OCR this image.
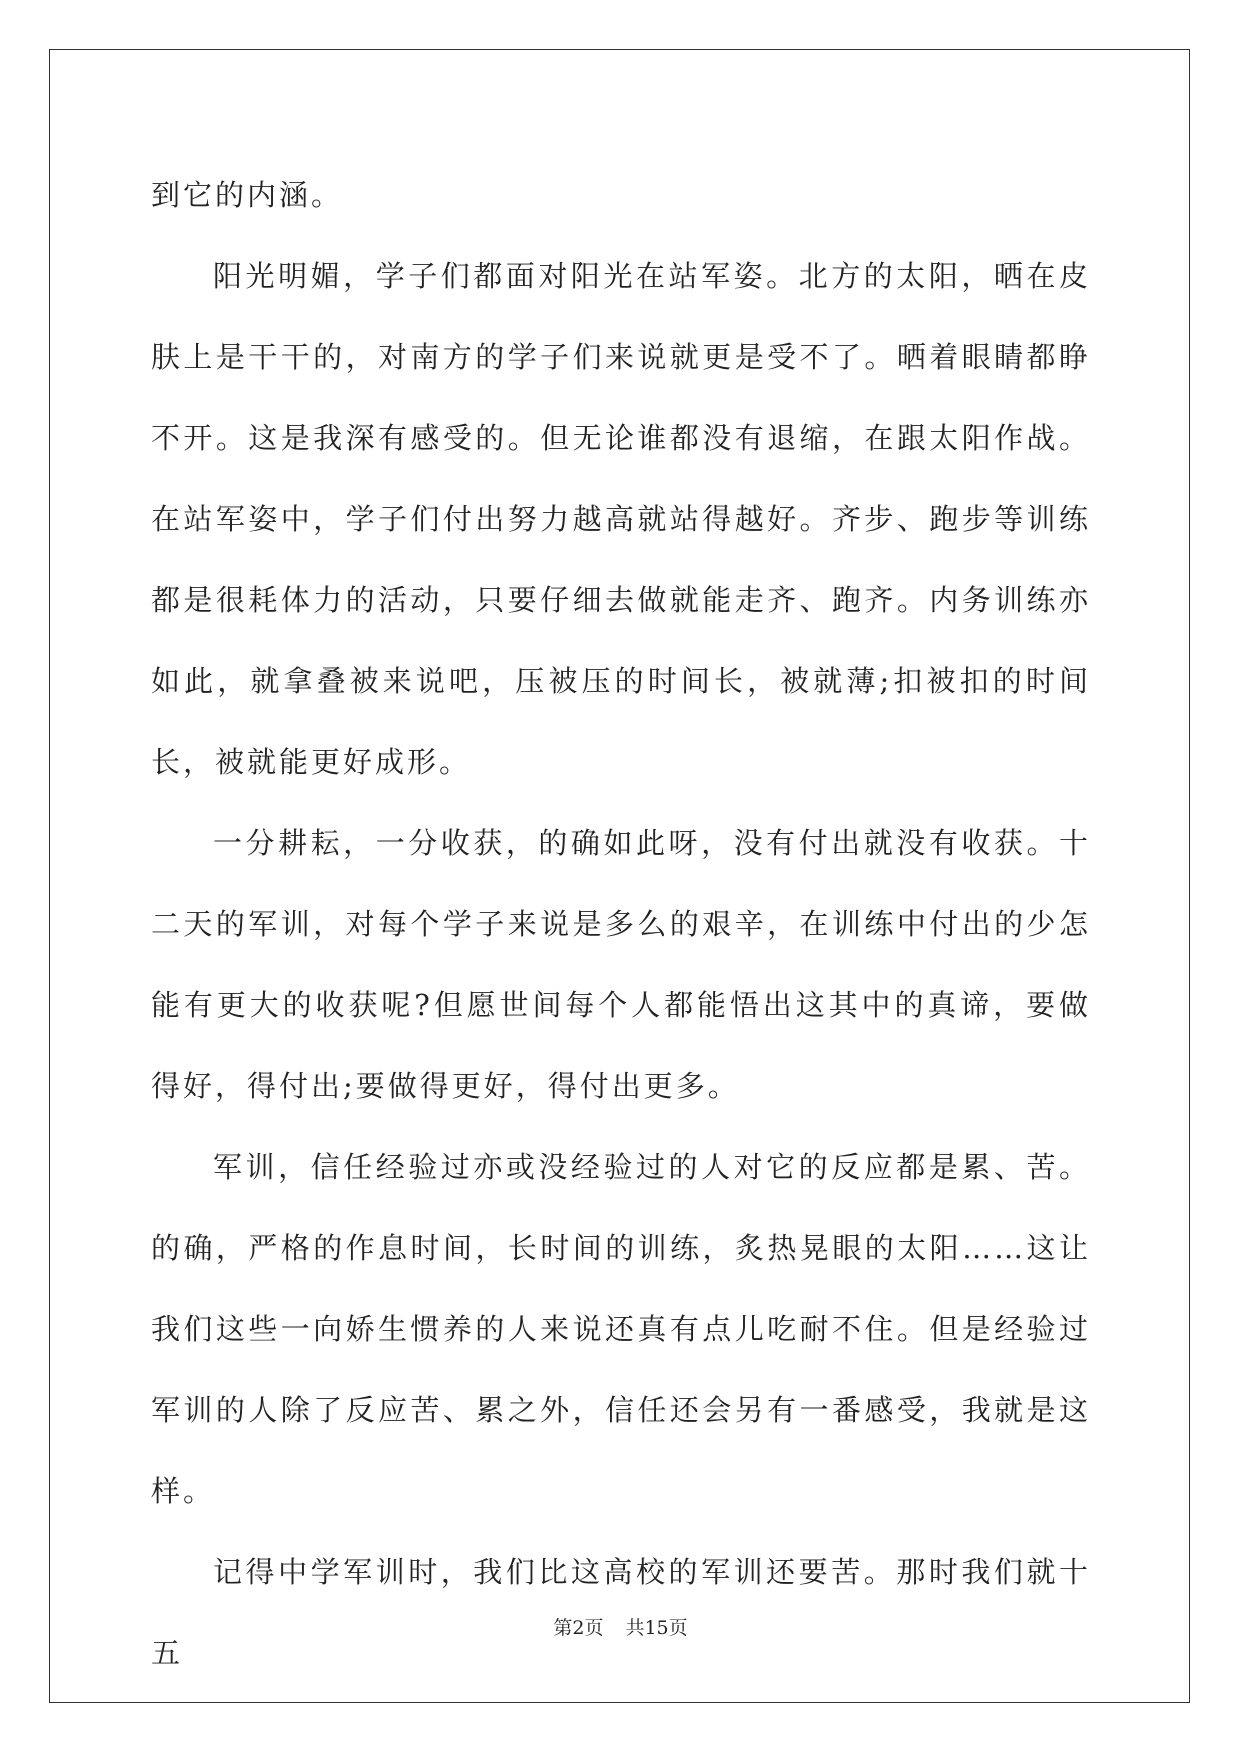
到它的内涵。

阳光明媚，学子们都面对阳光在站军姿。北方的太阳，晒在皮肤上是干干的，对南方的学子们来说就更是受不了。晒着眼睛都睁不开。这是我深有感受的。但无论谁都没有退缩，在跟太阳作战。在站军姿中，学子们付出努力越高就站得越好。齐步、跑步等训练都是很耗体力的活动，只要仔细去做就能走齐、跑齐。内务训练亦如此，就拿叠被来说吧，压被压的时间长，被就薄;扣被扣的时间长，被就能更好成形。

一分耕耘，一分收获，的确如此呀，没有付出就没有收获。十二天的军训，对每个学子来说是多么的艰辛，在训练中付出的少怎能有更大的收获呢?但愿世间每个人都能悟出这其中的真谛，要做得好，得付出;要做得更好，得付出更多。

军训，信任经验过亦或没经验过的人对它的反应都是累、苦。的确，严格的作息时间，长时间的训练，炙热晃眼的太阳……这让我们这些一向娇生惯养的人来说还真有点儿吃耐不住。但是经验过军训的人除了反应苦、累之外，信任还会另有一番感受，我就是这样。

记得中学军训时，我们比这高校的军训还要苦。那时我们就十五

第2页 共15页
